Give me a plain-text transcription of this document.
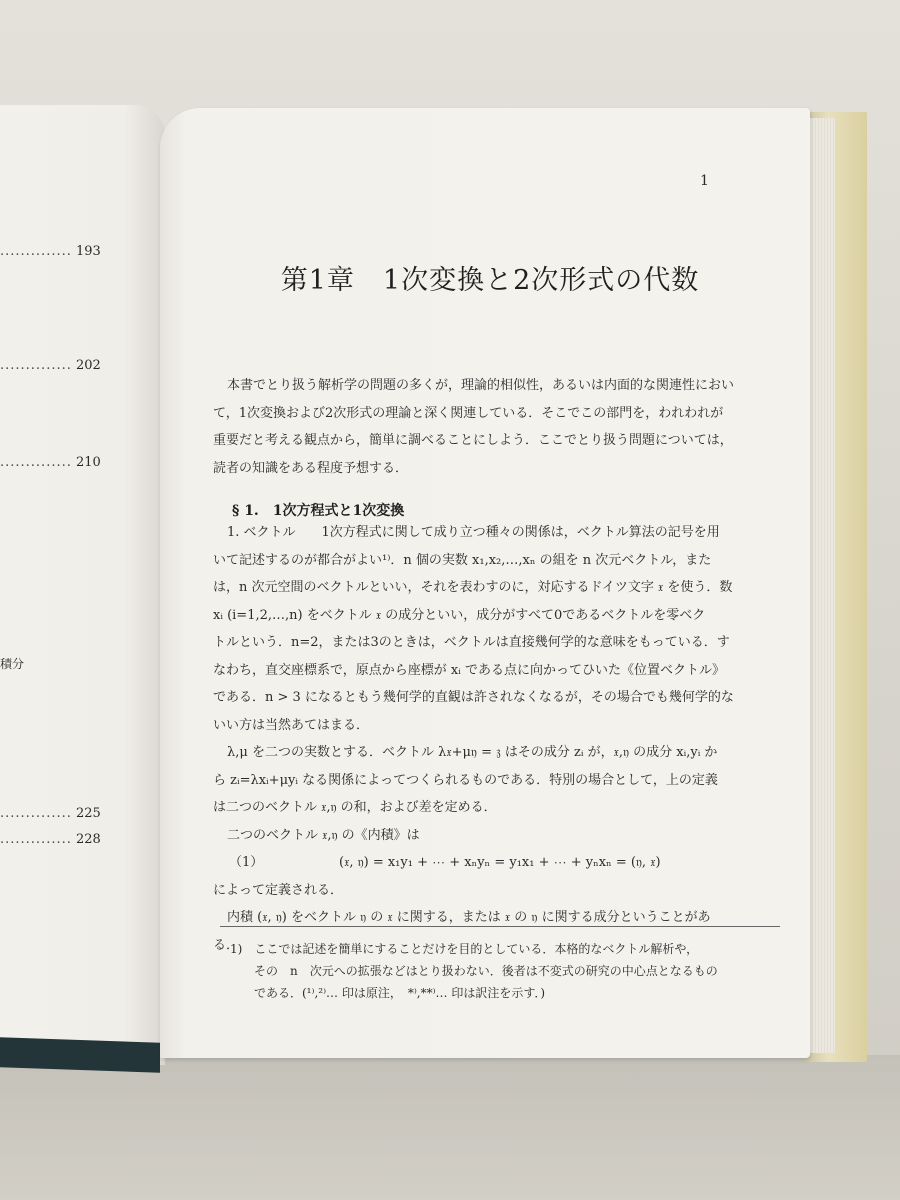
.............. 193
.............. 202
.............. 210
積分
.............. 225
.............. 228
1
第1章　1次変換と2次形式の代数
本書でとり扱う解析学の問題の多くが，理論的相似性，あるいは内面的な関連性におい
て，1次変換および2次形式の理論と深く関連している．そこでこの部門を，われわれが
重要だと考える観点から，簡単に調べることにしよう．ここでとり扱う問題については，
読者の知識をある程度予想する．
§ 1.　1次方程式と1次変換
1. ベクトル　　1次方程式に関して成り立つ種々の関係は，ベクトル算法の記号を用
いて記述するのが都合がよい¹⁾．n 個の実数 x₁,x₂,…,xₙ の組を n 次元ベクトル，また
は，n 次元空間のベクトルといい，それを表わすのに，対応するドイツ文字 𝔵 を使う．数
xᵢ (i=1,2,…,n) をベクトル 𝔵 の成分といい，成分がすべて0であるベクトルを零ベク
トルという．n=2，または3のときは，ベクトルは直接幾何学的な意味をもっている．す
なわち，直交座標系で，原点から座標が xᵢ である点に向かってひいた《位置ベクトル》
である．n > 3 になるともう幾何学的直観は許されなくなるが，その場合でも幾何学的な
いい方は当然あてはまる．
λ,μ を二つの実数とする．ベクトル λ𝔵+μ𝔶 = 𝔷 はその成分 zᵢ が，𝔵,𝔶 の成分 xᵢ,yᵢ か
ら zᵢ=λxᵢ+μyᵢ なる関係によってつくられるものである．特別の場合として，上の定義
は二つのベクトル 𝔵,𝔶 の和，および差を定める．
二つのベクトル 𝔵,𝔶 の《内積》は
（1）	(𝔵, 𝔶) = x₁y₁ + ⋯ + xₙyₙ = y₁x₁ + ⋯ + yₙxₙ = (𝔶, 𝔵)
によって定義される．
内積 (𝔵, 𝔶) をベクトル 𝔶 の 𝔵 に関する，または 𝔵 の 𝔶 に関する成分ということがあ
る．
1)　ここでは記述を簡単にすることだけを目的としている．本格的なベクトル解析や，
その　n　次元への拡張などはとり扱わない．後者は不変式の研究の中心点となるもの
である．(¹⁾,²⁾… 印は原注，　*⁾,**⁾… 印は訳注を示す．)
